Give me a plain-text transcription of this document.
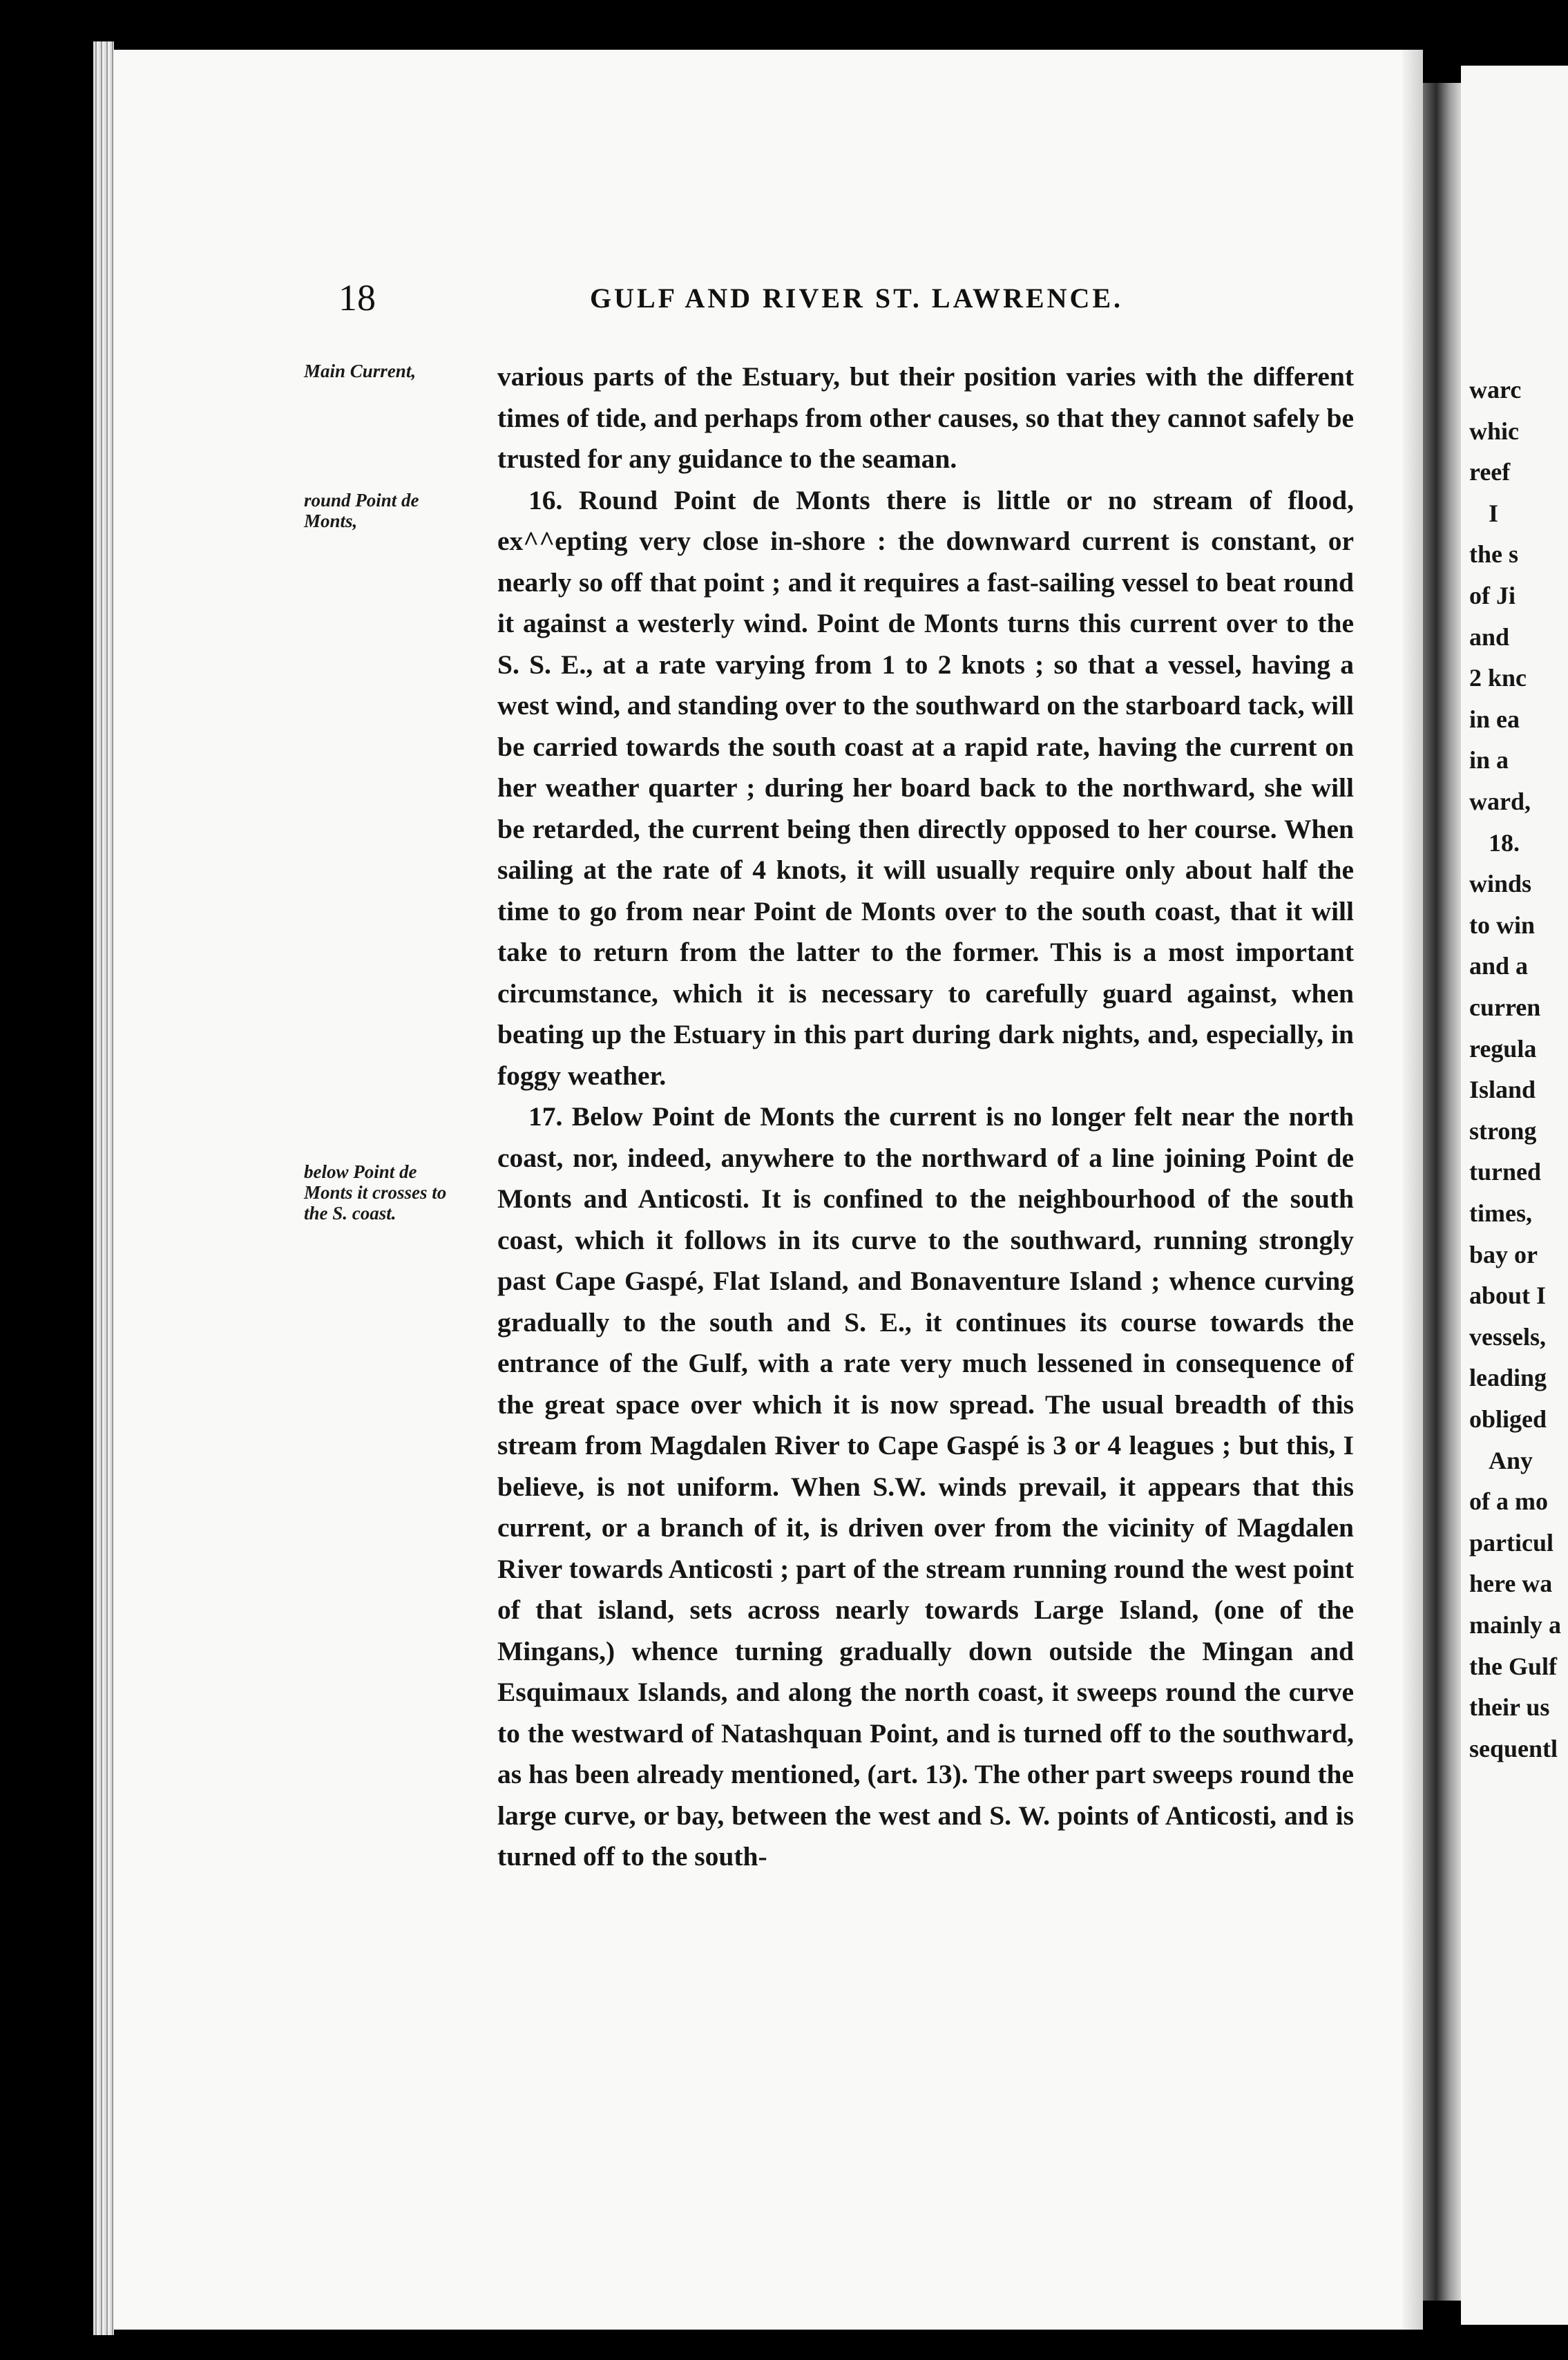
warc
whic
reef
I
the s
of Ji
and
2 knc
in ea
in a
ward,
18.
winds
to win
and a
curren
regula
Island
strong
turned
times,
bay or
about I
vessels,
leading
obliged
Any
of a mo
particul
here wa
mainly a
the Gulf
their us
sequentl
18	GULF AND RIVER ST. LAWRENCE.
Main Current,
round Point de Monts,
below Point de Monts it crosses to the S. coast.

various parts of the Estuary, but their position varies with the different times of tide, and perhaps from other causes, so that they cannot safely be trusted for any guidance to the seaman.

16. Round Point de Monts there is little or no stream of flood, ex^^epting very close in-shore : the downward current is constant, or nearly so off that point ; and it requires a fast-sailing vessel to beat round it against a westerly wind. Point de Monts turns this current over to the S. S. E., at a rate varying from 1 to 2 knots ; so that a vessel, having a west wind, and standing over to the southward on the starboard tack, will be carried towards the south coast at a rapid rate, having the current on her weather quarter ; during her board back to the northward, she will be retarded, the current being then directly opposed to her course. When sailing at the rate of 4 knots, it will usually require only about half the time to go from near Point de Monts over to the south coast, that it will take to return from the latter to the former. This is a most important circumstance, which it is necessary to carefully guard against, when beating up the Estuary in this part during dark nights, and, especially, in foggy weather.

17. Below Point de Monts the current is no longer felt near the north coast, nor, indeed, anywhere to the northward of a line joining Point de Monts and Anticosti. It is confined to the neighbourhood of the south coast, which it follows in its curve to the southward, running strongly past Cape Gaspé, Flat Island, and Bonaventure Island ; whence curving gradually to the south and S. E., it continues its course towards the entrance of the Gulf, with a rate very much lessened in consequence of the great space over which it is now spread. The usual breadth of this stream from Magdalen River to Cape Gaspé is 3 or 4 leagues ; but this, I believe, is not uniform. When S.W. winds prevail, it appears that this current, or a branch of it, is driven over from the vicinity of Magdalen River towards Anticosti ; part of the stream running round the west point of that island, sets across nearly towards Large Island, (one of the Mingans,) whence turning gradually down outside the Mingan and Esquimaux Islands, and along the north coast, it sweeps round the curve to the westward of Natashquan Point, and is turned off to the southward, as has been already mentioned, (art. 13). The other part sweeps round the large curve, or bay, between the west and S. W. points of Anticosti, and is turned off to the south-
